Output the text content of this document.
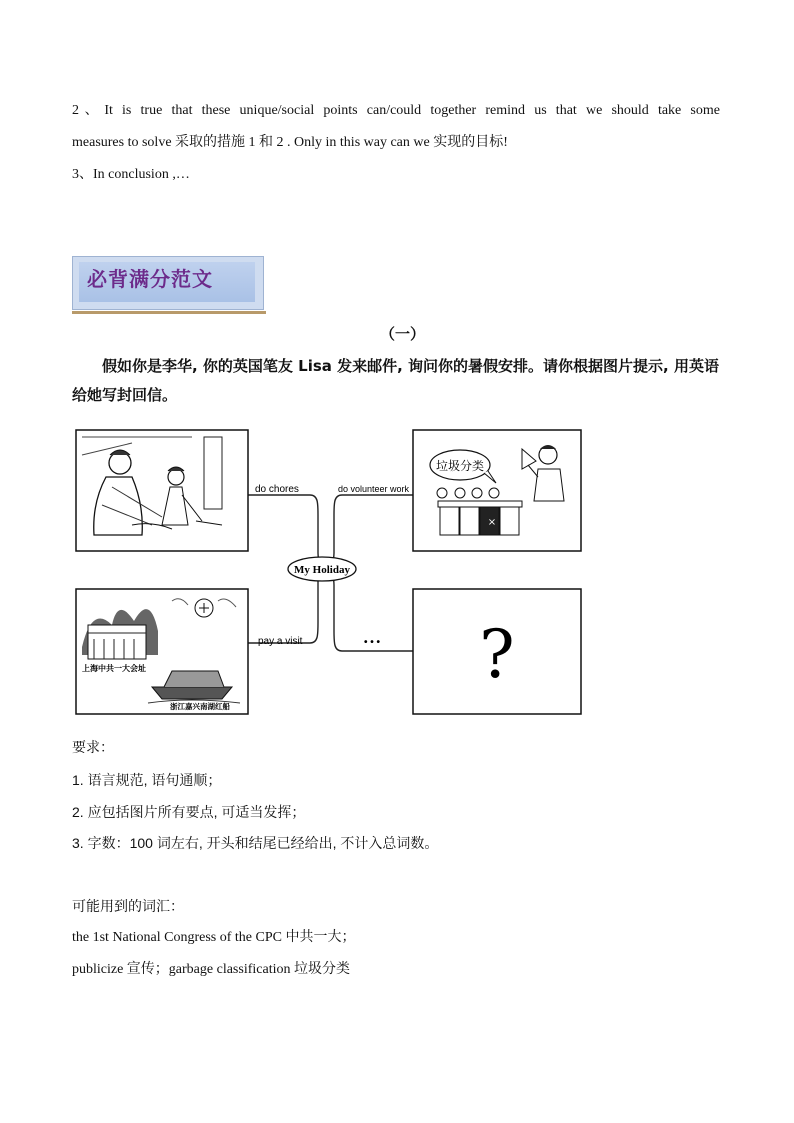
2、It is true that these unique/social points can/could together remind us that we should take some
measures to solve 采取的措施 1 和 2 . Only in this way can we 实现的目标!
3、In conclusion ,…
必背满分范文
（一）
假如你是李华, 你的英国笔友 Lisa 发来邮件, 询问你的暑假安排。请你根据图片提示, 用英语给她写封回信。
垃圾分类
×
上海中共一大会址
浙江嘉兴南湖红船
?
My Holiday
do chores	do volunteer work
pay a visit	• • •
要求：
1. 语言规范, 语句通顺；
2. 应包括图片所有要点, 可适当发挥；
3. 字数：100 词左右, 开头和结尾已经给出, 不计入总词数。
可能用到的词汇：
the 1st National Congress of the CPC 中共一大；
publicize 宣传；garbage classification 垃圾分类
